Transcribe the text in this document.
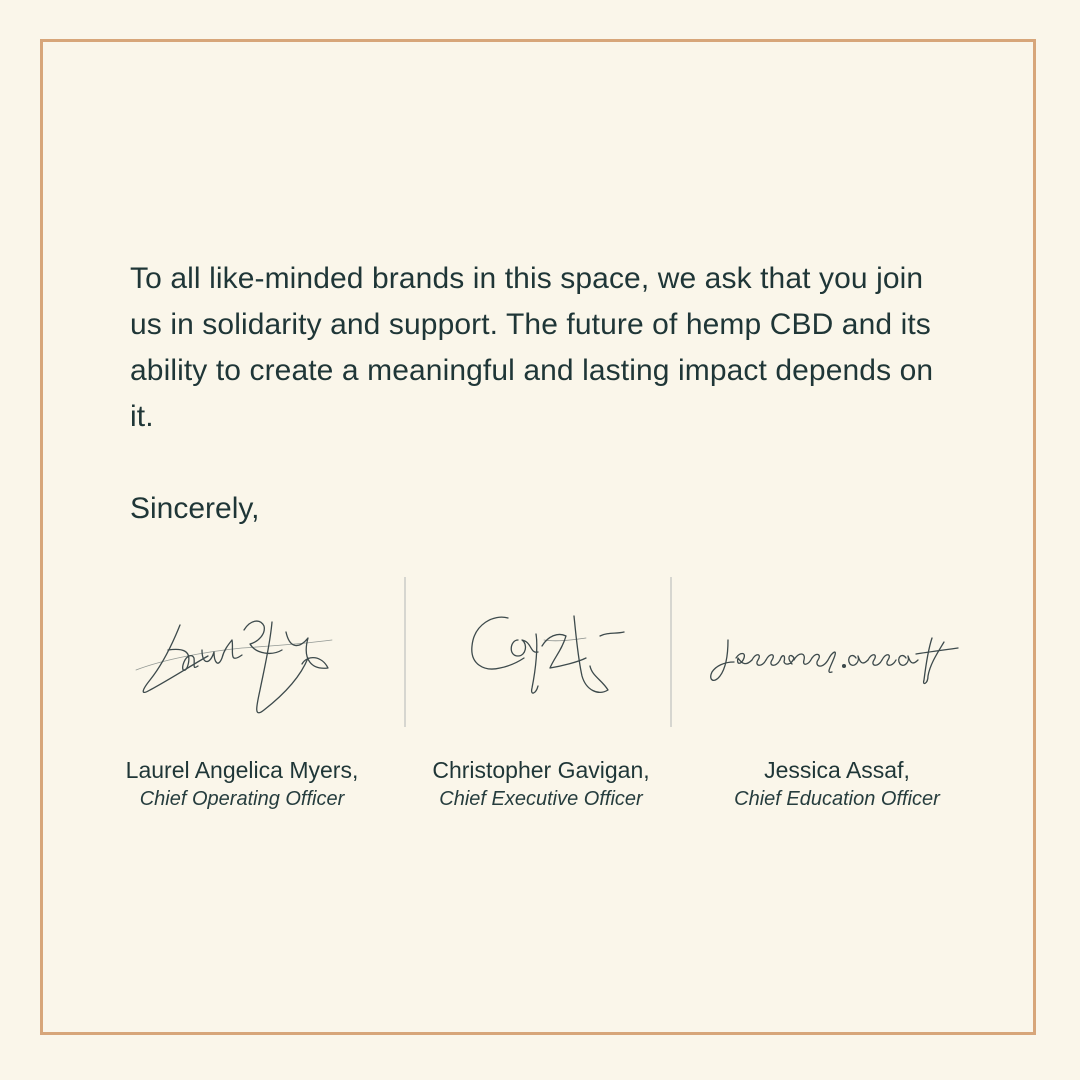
To all like-minded brands in this space, we ask that you join us in solidarity and support. The future of hemp CBD and its ability to create a meaningful and lasting impact depends on it.

Sincerely,

Laurel Angelica Myers,
Chief Operating Officer
Christopher Gavigan,
Chief Executive Officer
Jessica Assaf,
Chief Education Officer
